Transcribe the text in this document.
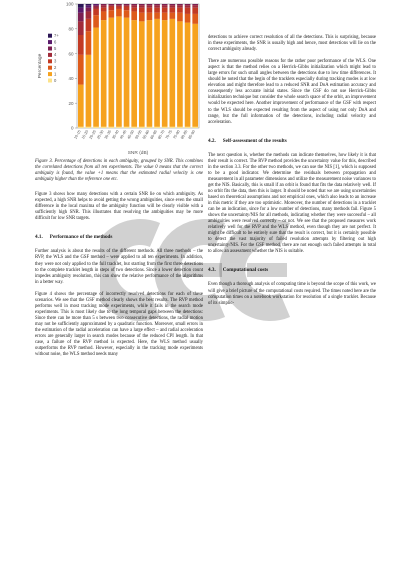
0
20
40
60
80
100
10-15 15-20 20-25 25-30 30-35 35-40 40-45 45-50 50-55 55-60 60-65 65-70 70-75 75-80 80-85 85-90
SNR (dB)
Percentage
7+
6
5
4
3
2
1
0

Figure 3. Percentage of detections in each ambiguity, grouped by SNR. This combines the correlated detections from all ten experiments. The value 0 means that the correct ambiguity is found, the value +1 means that the estimated radial velocity is one ambiguity higher than the reference one etc.

Figure 3 shows how many detections with a certain SNR lie on which ambiguity. As expected, a high SNR helps to avoid getting the wrong ambiguities, since even the small difference in the local maxima of the ambiguity function will be clearly visible with a sufficiently high SNR. This illustrates that resolving the ambiguities may be more difficult for low SNR targets.

4.1. Performance of the methods

Further analysis is about the results of the different methods. All three methods – the RVP, the WLS and the GSF method – were applied to all ten experiments. In addition, they were not only applied to the full tracklet, but starting from the first three detections to the complete tracklet length in steps of two detections. Since a lower detection count impedes ambiguity resolution, this can show the relative performance of the algorithms in a better way.

Figure 4 shows the percentage of incorrectly resolved detections for each of these scenarios. We see that the GSF method clearly shows the best results. The RVP method performs well in most tracking mode experiments, while it fails in the search mode experiments. This is most likely due to the long temporal gaps between the detections: Since there can be more than 5 s between two consecutive detections, the radial motion may not be sufficiently approximated by a quadratic function. Moreover, small errors in the estimation of the radial acceleration can have a large effect – and radial acceleration errors are generally larger in search modes because of the reduced CPI length. In that case, a failure of the RVP method is expected. Here, the WLS method usually outperforms the RVP method. However, especially in the tracking mode experiments without noise, the WLS method needs many

detections to achieve correct resolution of all the detections. This is surprising, because in these experiments, the SNR is usually high and hence, most detections will lie on the correct ambiguity already.

There are numerous possible reasons for the rather poor performance of the WLS. One aspect is that the method relies on a Herrick-Gibbs initialization which might lead to large errors for such small angles between the detections due to low time differences. It should be noted that the begin of the tracklets especially during tracking modes is at low elevation and might therefore lead to a reduced SNR and DoA estimation accuracy and consequently less accurate initial states. Since the GSF do not use Herrick-Gibbs initialization technique but consider the whole search space of the orbit, an improvement would be expected here. Another improvement of performance of the GSF with respect to the WLS should be expected resulting from the aspect of using not only DoA and range, but the full information of the detections, including radial velocity and acceleration.

4.2. Self-assessment of the results

The next question is, whether the methods can indicate themselves, how likely it is that their result is correct. The RVP method provides the uncertainty value for this, described in the section 3.3. For the other two methods, we can use the NIS [1], which is supposed to be a good indicator. We determine the residuals between propagation and measurement in all parameter dimensions and utilize the measurement noise variances to get the NIS. Basically, this is small if an orbit is found that fits the data relatively well. If no orbit fits the data, then this is larger. It should be noted that we are using uncertainties based on theoretical assumptions and not empirical ones, which also leads to an increase in this metric if they are too optimistic. Moreover, the number of detections in a tracklet can be an indication, since for a low number of detections, many methods fail. Figure 5 shows the uncertainty/NIS for all methods, indicating whether they were successful – all ambiguities were resolved correctly – or not. We see that the proposed measures work relatively well for the RVP and the WLS method, even though they are not perfect. It might be difficult to be entirely sure that the result is correct, but it is certainly possible to detect the vast majority of failed resolution attempts by filtering out high uncertainty/NIS. For the GSF method, there are not enough such failed attempts in total to allow an assessment whether the NIS is suitable.

4.3. Computational costs

Even though a thorough analysis of computing time is beyond the scope of this work, we will give a brief picture of the computational costs required. The times noted here are the computation times on a notebook workstation for resolution of a single tracklet. Because of its simplic-
